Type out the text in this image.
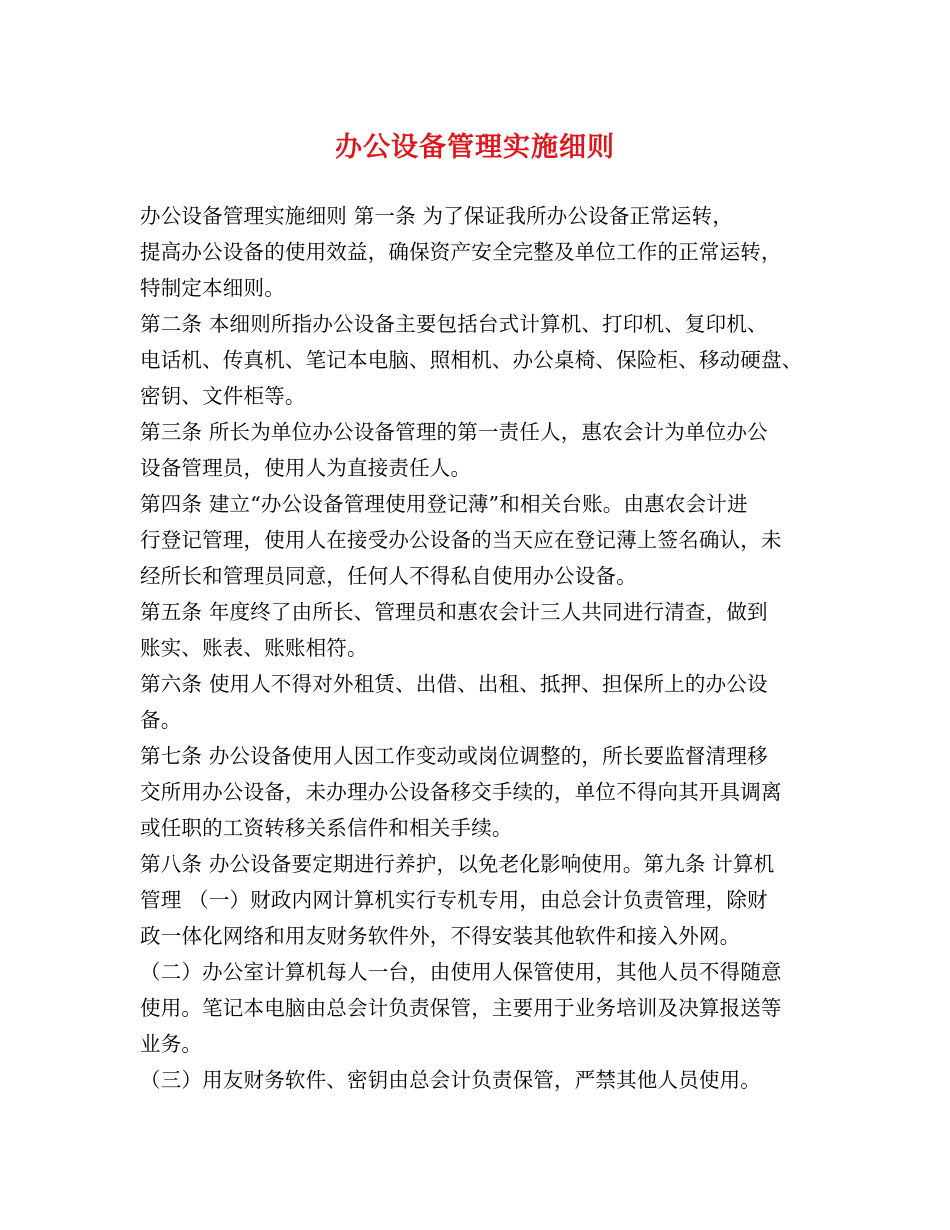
办公设备管理实施细则
办公设备管理实施细则 第一条 为了保证我所办公设备正常运转，
提高办公设备的使用效益，确保资产安全完整及单位工作的正常运转，
特制定本细则。
第二条 本细则所指办公设备主要包括台式计算机、打印机、复印机、
电话机、传真机、笔记本电脑、照相机、办公桌椅、保险柜、移动硬盘、
密钥、文件柜等。
第三条 所长为单位办公设备管理的第一责任人，惠农会计为单位办公
设备管理员，使用人为直接责任人。
第四条 建立“办公设备管理使用登记薄”和相关台账。由惠农会计进
行登记管理，使用人在接受办公设备的当天应在登记薄上签名确认，未
经所长和管理员同意，任何人不得私自使用办公设备。
第五条 年度终了由所长、管理员和惠农会计三人共同进行清查，做到
账实、账表、账账相符。
第六条 使用人不得对外租赁、出借、出租、抵押、担保所上的办公设
备。
第七条 办公设备使用人因工作变动或岗位调整的，所长要监督清理移
交所用办公设备，未办理办公设备移交手续的，单位不得向其开具调离
或任职的工资转移关系信件和相关手续。
第八条 办公设备要定期进行养护，以免老化影响使用。第九条 计算机
管理 （一）财政内网计算机实行专机专用，由总会计负责管理，除财
政一体化网络和用友财务软件外，不得安装其他软件和接入外网。
（二）办公室计算机每人一台，由使用人保管使用，其他人员不得随意
使用。笔记本电脑由总会计负责保管，主要用于业务培训及决算报送等
业务。
（三）用友财务软件、密钥由总会计负责保管，严禁其他人员使用。
